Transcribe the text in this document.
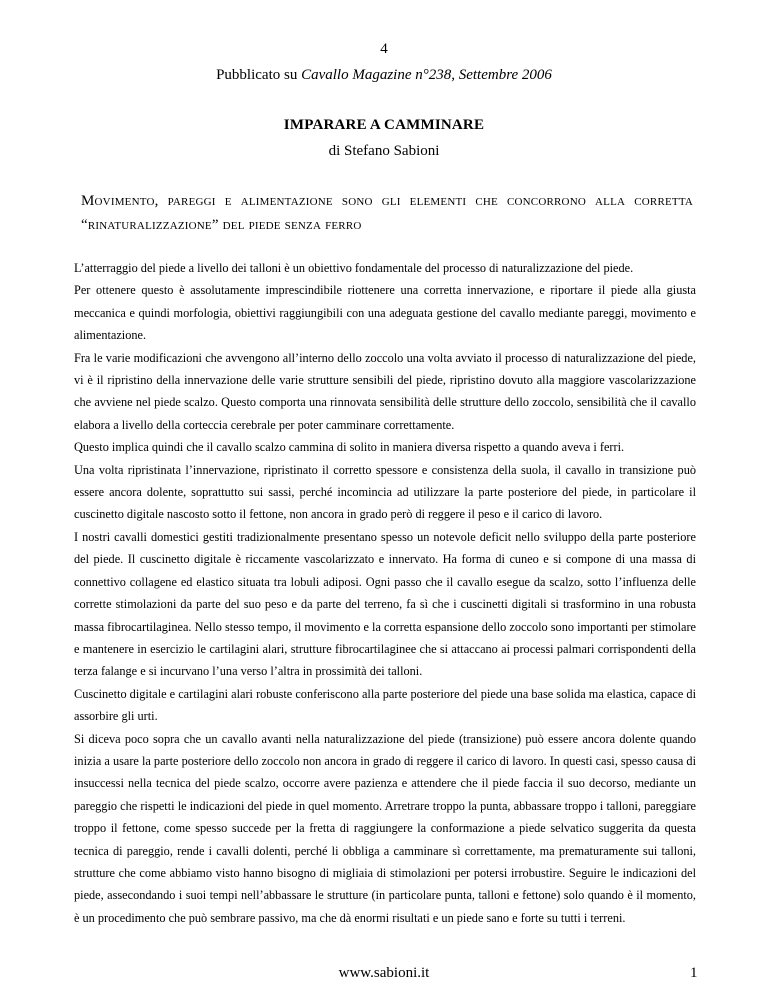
4
Pubblicato su Cavallo Magazine n°238, Settembre 2006
IMPARARE A CAMMINARE
di Stefano Sabioni
Movimento, pareggi e alimentazione sono gli elementi che concorrono alla corretta “rinaturalizzazione” del piede senza ferro

L’atterraggio del piede a livello dei talloni è un obiettivo fondamentale del processo di naturalizzazione del piede.

Per ottenere questo è assolutamente imprescindibile riottenere una corretta innervazione, e riportare il piede alla giusta meccanica e quindi morfologia, obiettivi raggiungibili con una adeguata gestione del cavallo mediante pareggi, movimento e alimentazione.

Fra le varie modificazioni che avvengono all’interno dello zoccolo una volta avviato il processo di naturalizzazione del piede, vi è il ripristino della innervazione delle varie strutture sensibili del piede, ripristino dovuto alla maggiore vascolarizzazione che avviene nel piede scalzo. Questo comporta una rinnovata sensibilità delle strutture dello zoccolo, sensibilità che il cavallo elabora a livello della corteccia cerebrale per poter camminare correttamente.

Questo implica quindi che il cavallo scalzo cammina di solito in maniera diversa rispetto a quando aveva i ferri.

Una volta ripristinata l’innervazione, ripristinato il corretto spessore e consistenza della suola, il cavallo in transizione può essere ancora dolente, soprattutto sui sassi, perché incomincia ad utilizzare la parte posteriore del piede, in particolare il cuscinetto digitale nascosto sotto il fettone, non ancora in grado però di reggere il peso e il carico di lavoro.

I nostri cavalli domestici gestiti tradizionalmente presentano spesso un notevole deficit nello sviluppo della parte posteriore del piede. Il cuscinetto digitale è riccamente vascolarizzato e innervato. Ha forma di cuneo e si compone di una massa di connettivo collagene ed elastico situata tra lobuli adiposi. Ogni passo che il cavallo esegue da scalzo, sotto l’influenza delle corrette stimolazioni da parte del suo peso e da parte del terreno, fa sì che i cuscinetti digitali si trasformino in una robusta massa fibrocartilaginea. Nello stesso tempo, il movimento e la corretta espansione dello zoccolo sono importanti per stimolare e mantenere in esercizio le cartilagini alari, strutture fibrocartilaginee che si attaccano ai processi palmari corrispondenti della terza falange e si incurvano l’una verso l’altra in prossimità dei talloni.

Cuscinetto digitale e cartilagini alari robuste conferiscono alla parte posteriore del piede una base solida ma elastica, capace di assorbire gli urti.

Si diceva poco sopra che un cavallo avanti nella naturalizzazione del piede (transizione) può essere ancora dolente quando inizia a usare la parte posteriore dello zoccolo non ancora in grado di reggere il carico di lavoro. In questi casi, spesso causa di insuccessi nella tecnica del piede scalzo, occorre avere pazienza e attendere che il piede faccia il suo decorso, mediante un pareggio che rispetti le indicazioni del piede in quel momento. Arretrare troppo la punta, abbassare troppo i talloni, pareggiare troppo il fettone, come spesso succede per la fretta di raggiungere la conformazione a piede selvatico suggerita da questa tecnica di pareggio, rende i cavalli dolenti, perché li obbliga a camminare sì correttamente, ma prematuramente sui talloni, strutture che come abbiamo visto hanno bisogno di migliaia di stimolazioni per potersi irrobustire. Seguire le indicazioni del piede, assecondando i suoi tempi nell’abbassare le strutture (in particolare punta, talloni e fettone) solo quando è il momento, è un procedimento che può sembrare passivo, ma che dà enormi risultati e un piede sano e forte su tutti i terreni.

www.sabioni.it	1
